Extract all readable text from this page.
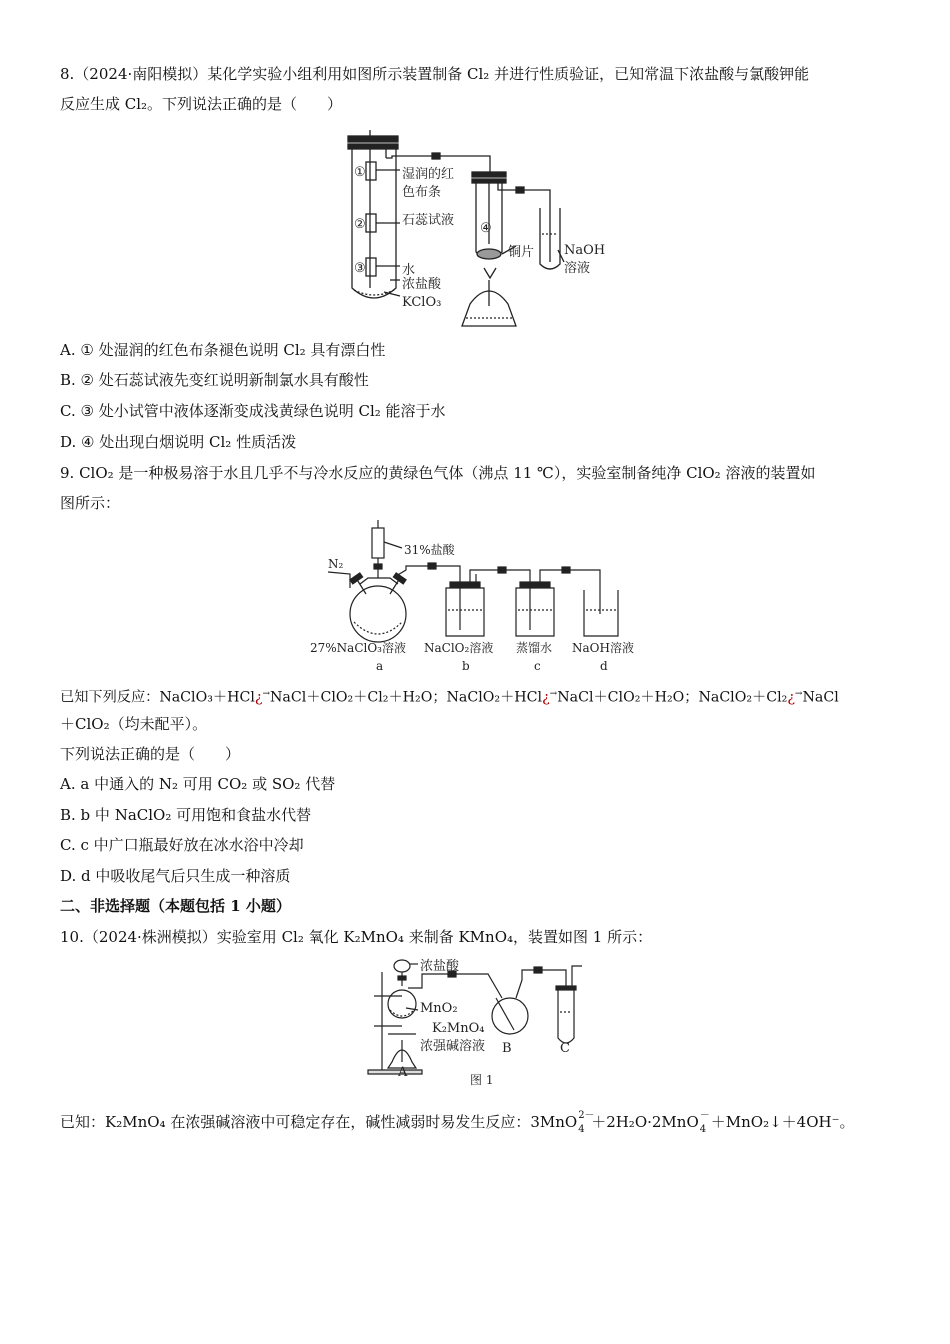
8.（2024·南阳模拟）某化学实验小组利用如图所示装置制备 Cl₂ 并进行性质验证，已知常温下浓盐酸与氯酸钾能
反应生成 Cl₂。下列说法正确的是（　　）
①
②
③
④
湿润的红
色布条
石蕊试液
水
浓盐酸
KClO₃
铜片 NaOH
溶液
A. ① 处湿润的红色布条褪色说明 Cl₂ 具有漂白性
B. ② 处石蕊试液先变红说明新制氯水具有酸性
C. ③ 处小试管中液体逐渐变成浅黄绿色说明 Cl₂ 能溶于水
D. ④ 处出现白烟说明 Cl₂ 性质活泼
9. ClO₂ 是一种极易溶于水且几乎不与冷水反应的黄绿色气体（沸点 11 ℃），实验室制备纯净 ClO₂ 溶液的装置如
图所示：
N₂
31%盐酸
27%NaClO₃溶液 NaClO₂溶液 蒸馏水 NaOH溶液
a	b	c	d
已知下列反应：NaClO₃＋HCl¿→NaCl＋ClO₂＋Cl₂＋H₂O；NaClO₂＋HCl¿→NaCl＋ClO₂＋H₂O；NaClO₂＋Cl₂¿→NaCl
＋ClO₂（均未配平）。
下列说法正确的是（　　）
A. a 中通入的 N₂ 可用 CO₂ 或 SO₂ 代替
B. b 中 NaClO₂ 可用饱和食盐水代替
C. c 中广口瓶最好放在冰水浴中冷却
D. d 中吸收尾气后只生成一种溶质
二、非选择题（本题包括 1 小题）
10.（2024·株洲模拟）实验室用 Cl₂ 氧化 K₂MnO₄ 来制备 KMnO₄，装置如图 1 所示：
浓盐酸
MnO₂
K₂MnO₄
浓强碱溶液
A
B	C
图 1
已知：K₂MnO₄ 在浓强碱溶液中可稳定存在，碱性减弱时易发生反应：3MnO 2－
4 ＋2H₂O·2MnO －
4 ＋MnO₂↓＋4OH⁻。
